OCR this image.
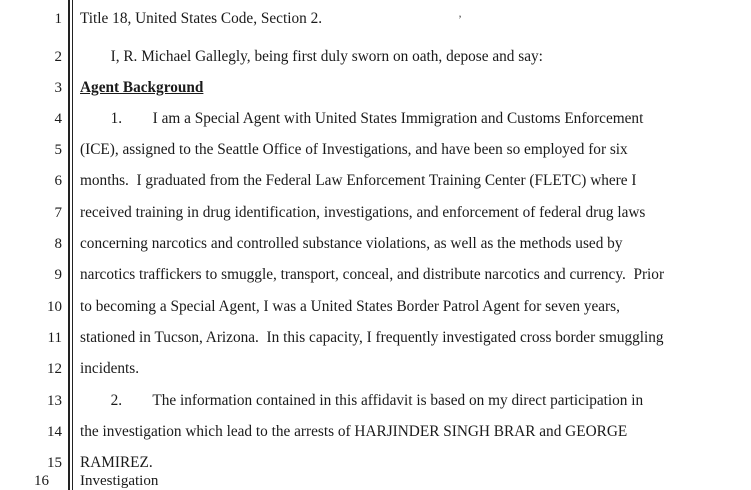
1
2
3
4
5
6
7
8
9
10
11
12
13
14
15
’
Title 18, United States Code, Section 2.
I, R. Michael Gallegly, being first duly sworn on oath, depose and say:
Agent Background
1.        I am a Special Agent with United States Immigration and Customs Enforcement
(ICE), assigned to the Seattle Office of Investigations, and have been so employed for six
months.  I graduated from the Federal Law Enforcement Training Center (FLETC) where I
received training in drug identification, investigations, and enforcement of federal drug laws
concerning narcotics and controlled substance violations, as well as the methods used by
narcotics traffickers to smuggle, transport, conceal, and distribute narcotics and currency.  Prior
to becoming a Special Agent, I was a United States Border Patrol Agent for seven years,
stationed in Tucson, Arizona.  In this capacity, I frequently investigated cross border smuggling
incidents.
2.        The information contained in this affidavit is based on my direct participation in
the investigation which lead to the arrests of HARJINDER SINGH BRAR and GEORGE
RAMIREZ.
16 Investigation
